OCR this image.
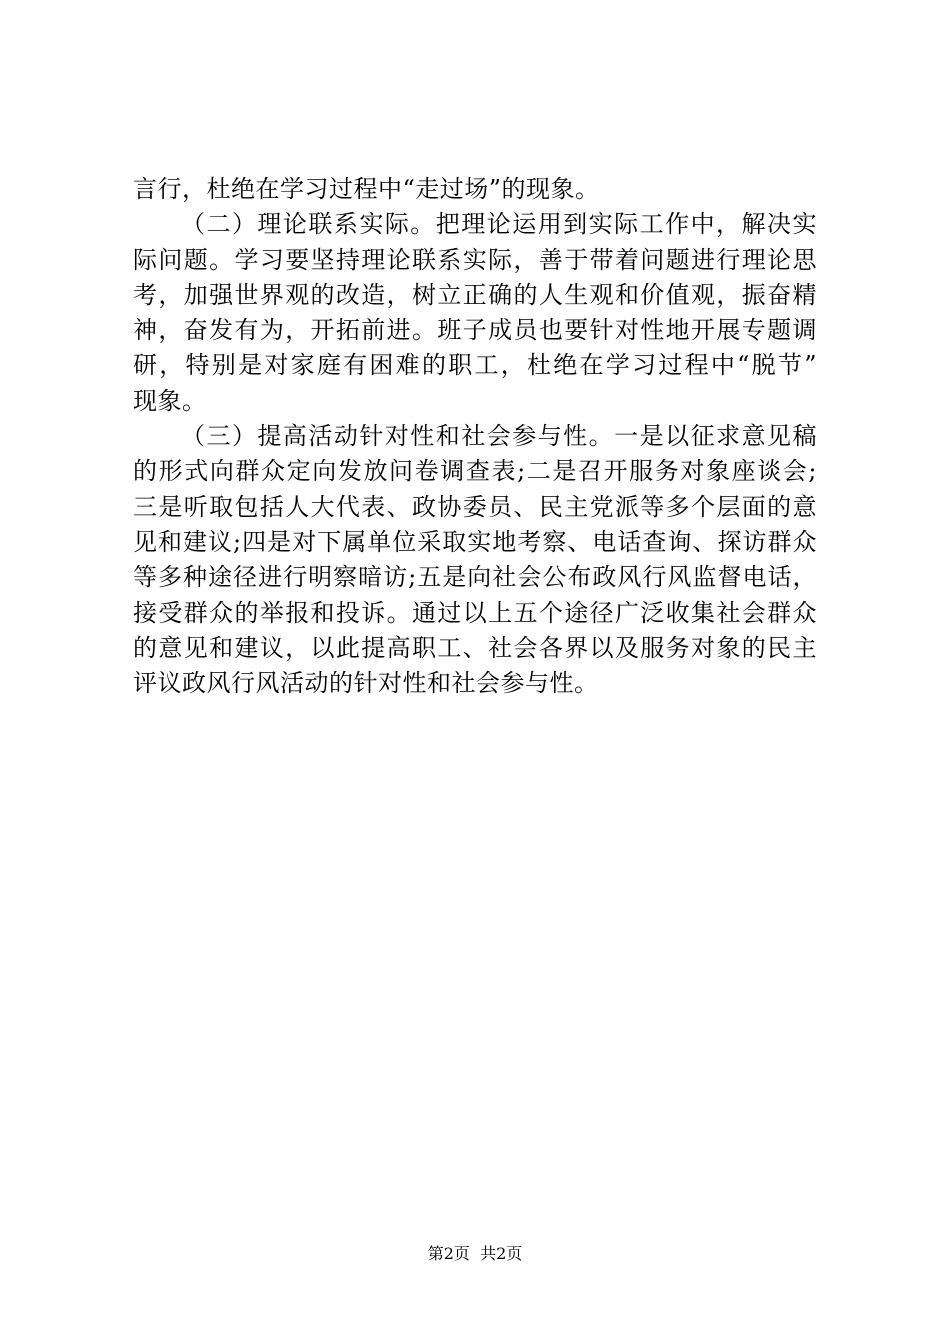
言行，杜绝在学习过程中“走过场”的现象。
（二）理论联系实际。把理论运用到实际工作中，解决实
际问题。学习要坚持理论联系实际，善于带着问题进行理论思
考，加强世界观的改造，树立正确的人生观和价值观，振奋精
神，奋发有为，开拓前进。班子成员也要针对性地开展专题调
研，特别是对家庭有困难的职工，杜绝在学习过程中“脱节”
现象。
（三）提高活动针对性和社会参与性。一是以征求意见稿
的形式向群众定向发放问卷调查表;二是召开服务对象座谈会;
三是听取包括人大代表、政协委员、民主党派等多个层面的意
见和建议;四是对下属单位采取实地考察、电话查询、探访群众
等多种途径进行明察暗访;五是向社会公布政风行风监督电话，
接受群众的举报和投诉。通过以上五个途径广泛收集社会群众
的意见和建议，以此提高职工、社会各界以及服务对象的民主
评议政风行风活动的针对性和社会参与性。
第2页 共2页
